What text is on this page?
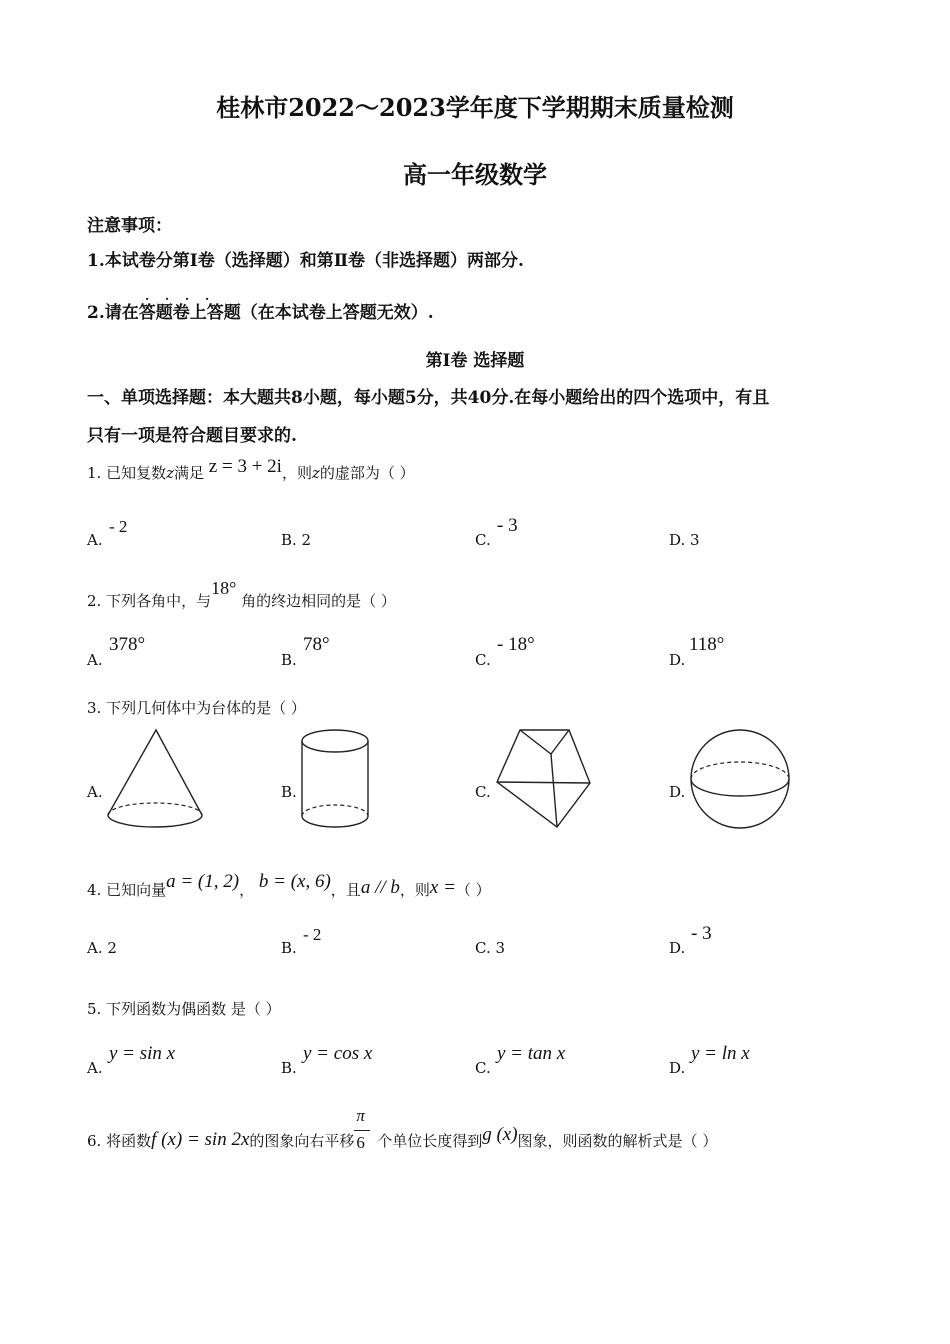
桂林市2022～2023学年度下学期期末质量检测
高一年级数学
注意事项：
1.本试卷分第Ⅰ卷（选择题）和第Ⅱ卷（非选择题）两部分.
2.请在答题卷上答题（在本试卷上答题无效）.
· · · ·
第Ⅰ卷 选择题
一、单项选择题：本大题共8小题，每小题5分，共40分.在每小题给出的四个选项中，有且
只有一项是符合题目要求的.
1. 已知复数z满足 z = 3 + 2i，则z的虚部为（ ）
A.
- 2
B. 2	C.
- 3
D. 3
2. 下列各角中，与18° 角的终边相同的是（ ）
A.
378°
B.
78°
C.
- 18°
D.
118°
3. 下列几何体中为台体的是（ ）
A.	B.	C.	D.
4. 已知向量a = (1, 2)， b = (x, 6)，且a // b，则x =（ ）
A. 2	B.
- 2
C. 3	D.
- 3
5. 下列函数为偶函数 是（ ）
A.
y = sin x
B.
y = cos x
C.
y = tan x
D.
y = ln x
6. 将函数f (x) = sin 2x的图象向右平移 $\frac{\pi}{6}$ 个单位长度得到g (x)图象，则函数的解析式是（ ）
